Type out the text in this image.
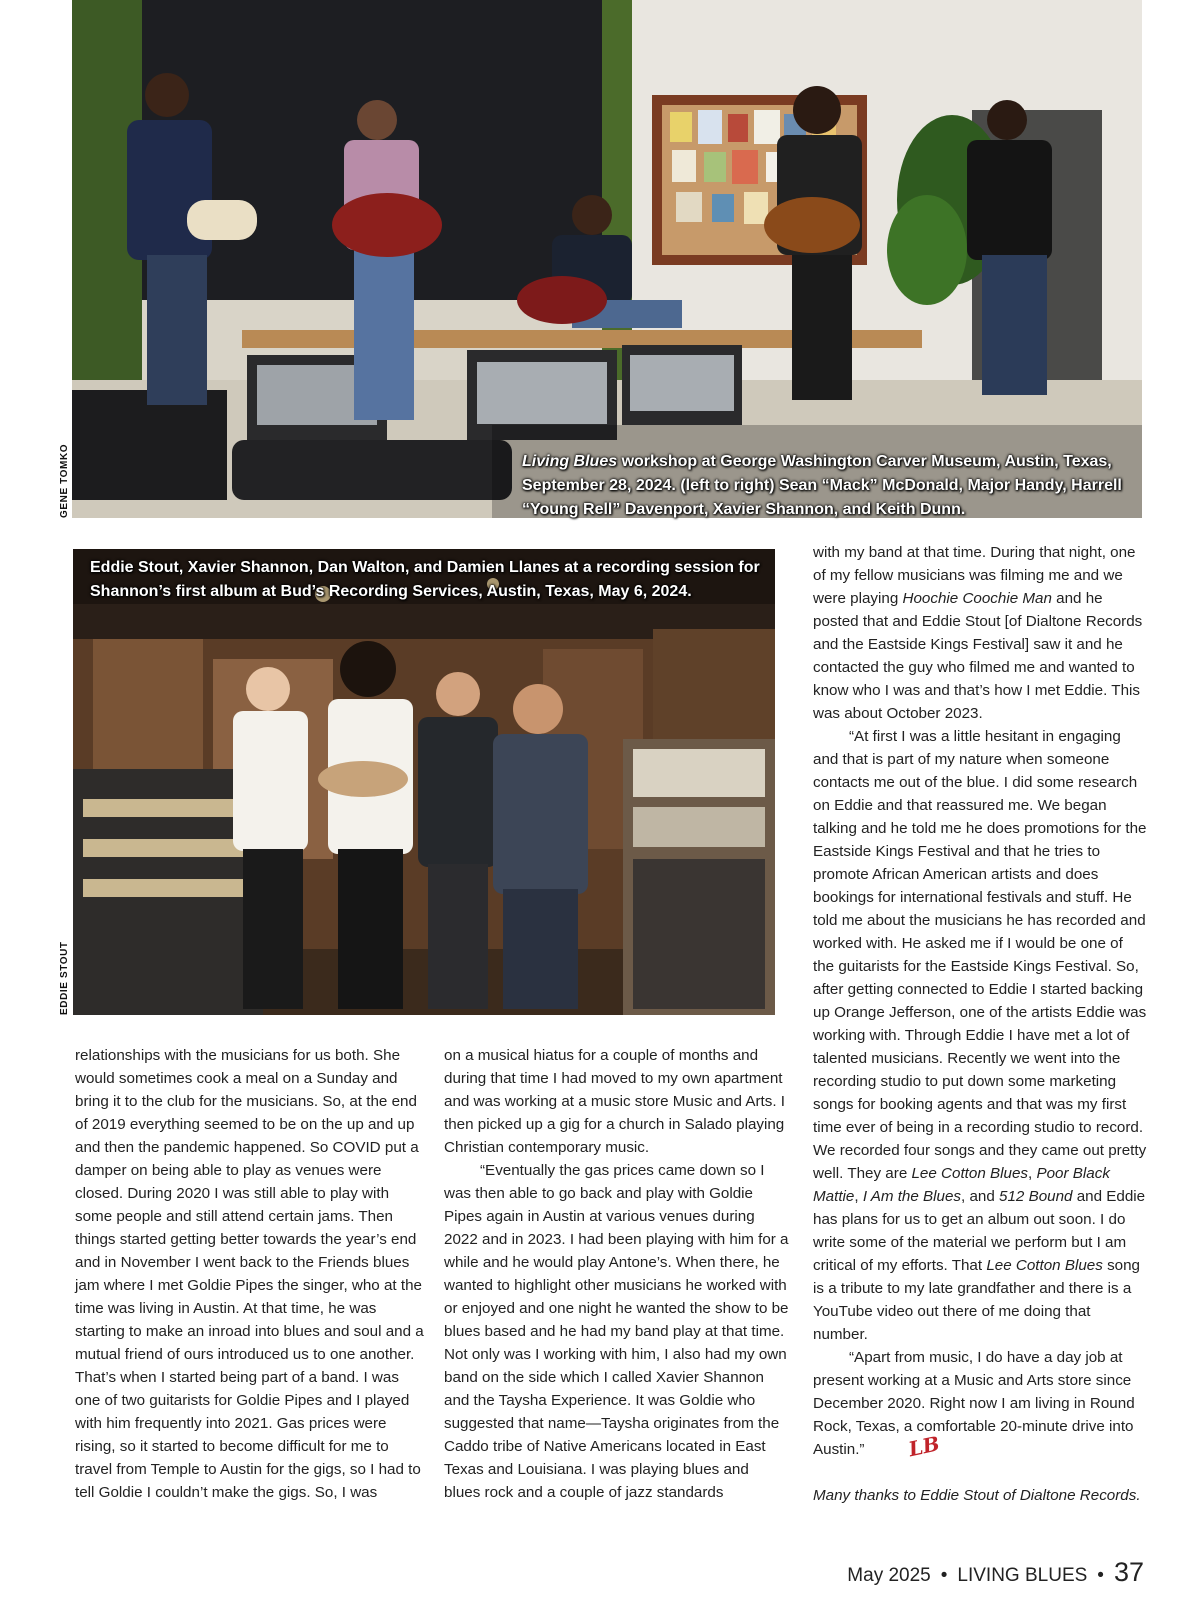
GENE TOMKO	Living Blues workshop at George Washington Carver Museum, Austin, Texas, September 28, 2024. (left to right) Sean “Mack” McDonald, Major Handy, Harrell “Young Rell” Davenport, Xavier Shannon, and Keith Dunn.
EDDIE STOUT
Eddie Stout, Xavier Shannon, Dan Walton, and Damien Llanes at a recording session for Shannon’s first album at Bud’s Recording Services, Austin, Texas, May 6, 2024.

relationships with the musicians for us both. She would sometimes cook a meal on a Sunday and bring it to the club for the musicians. So, at the end of 2019 everything seemed to be on the up and up and then the pandemic happened. So COVID put a damper on being able to play as venues were closed. During 2020 I was still able to play with some people and still attend certain jams. Then things started getting better towards the year’s end and in November I went back to the Friends blues jam where I met Goldie Pipes the singer, who at the time was living in Austin. At that time, he was starting to make an inroad into blues and soul and a mutual friend of ours introduced us to one another. That’s when I started being part of a band. I was one of two guitarists for Goldie Pipes and I played with him frequently into 2021. Gas prices were rising, so it started to become difficult for me to travel from Temple to Austin for the gigs, so I had to tell Goldie I couldn’t make the gigs. So, I was

on a musical hiatus for a couple of months and during that time I had moved to my own apartment and was working at a music store Music and Arts. I then picked up a gig for a church in Salado playing Christian contemporary music.

“Eventually the gas prices came down so I was then able to go back and play with Goldie Pipes again in Austin at various venues during 2022 and in 2023. I had been playing with him for a while and he would play Antone’s. When there, he wanted to highlight other musicians he worked with or enjoyed and one night he wanted the show to be blues based and he had my band play at that time. Not only was I working with him, I also had my own band on the side which I called Xavier Shannon and the Taysha Experience. It was Goldie who suggested that name—Taysha originates from the Caddo tribe of Native Americans located in East Texas and Louisiana. I was playing blues and blues rock and a couple of jazz standards

with my band at that time. During that night, one of my fellow musicians was filming me and we were playing Hoochie Coochie Man and he posted that and Eddie Stout [of Dialtone Records and the Eastside Kings Festival] saw it and he contacted the guy who filmed me and wanted to know who I was and that’s how I met Eddie. This was about October 2023.

“At first I was a little hesitant in engaging and that is part of my nature when someone contacts me out of the blue. I did some research on Eddie and that reassured me. We began talking and he told me he does promotions for the Eastside Kings Festival and that he tries to promote African American artists and does bookings for international festivals and stuff. He told me about the musicians he has recorded and worked with. He asked me if I would be one of the guitarists for the Eastside Kings Festival. So, after getting connected to Eddie I started backing up Orange Jefferson, one of the artists Eddie was working with. Through Eddie I have met a lot of talented musicians. Recently we went into the recording studio to put down some marketing songs for booking agents and that was my first time ever of being in a recording studio to record. We recorded four songs and they came out pretty well. They are Lee Cotton Blues, Poor Black Mattie, I Am the Blues, and 512 Bound and Eddie has plans for us to get an album out soon. I do write some of the material we perform but I am critical of my efforts. That Lee Cotton Blues song is a tribute to my late grandfather and there is a YouTube video out there of me doing that number.

“Apart from music, I do have a day job at present working at a Music and Arts store since December 2020. Right now I am living in Round Rock, Texas, a comfortable 20-minute drive into Austin.” LB

Many thanks to Eddie Stout of Dialtone Records.

May 2025 • LIVING BLUES • 37
